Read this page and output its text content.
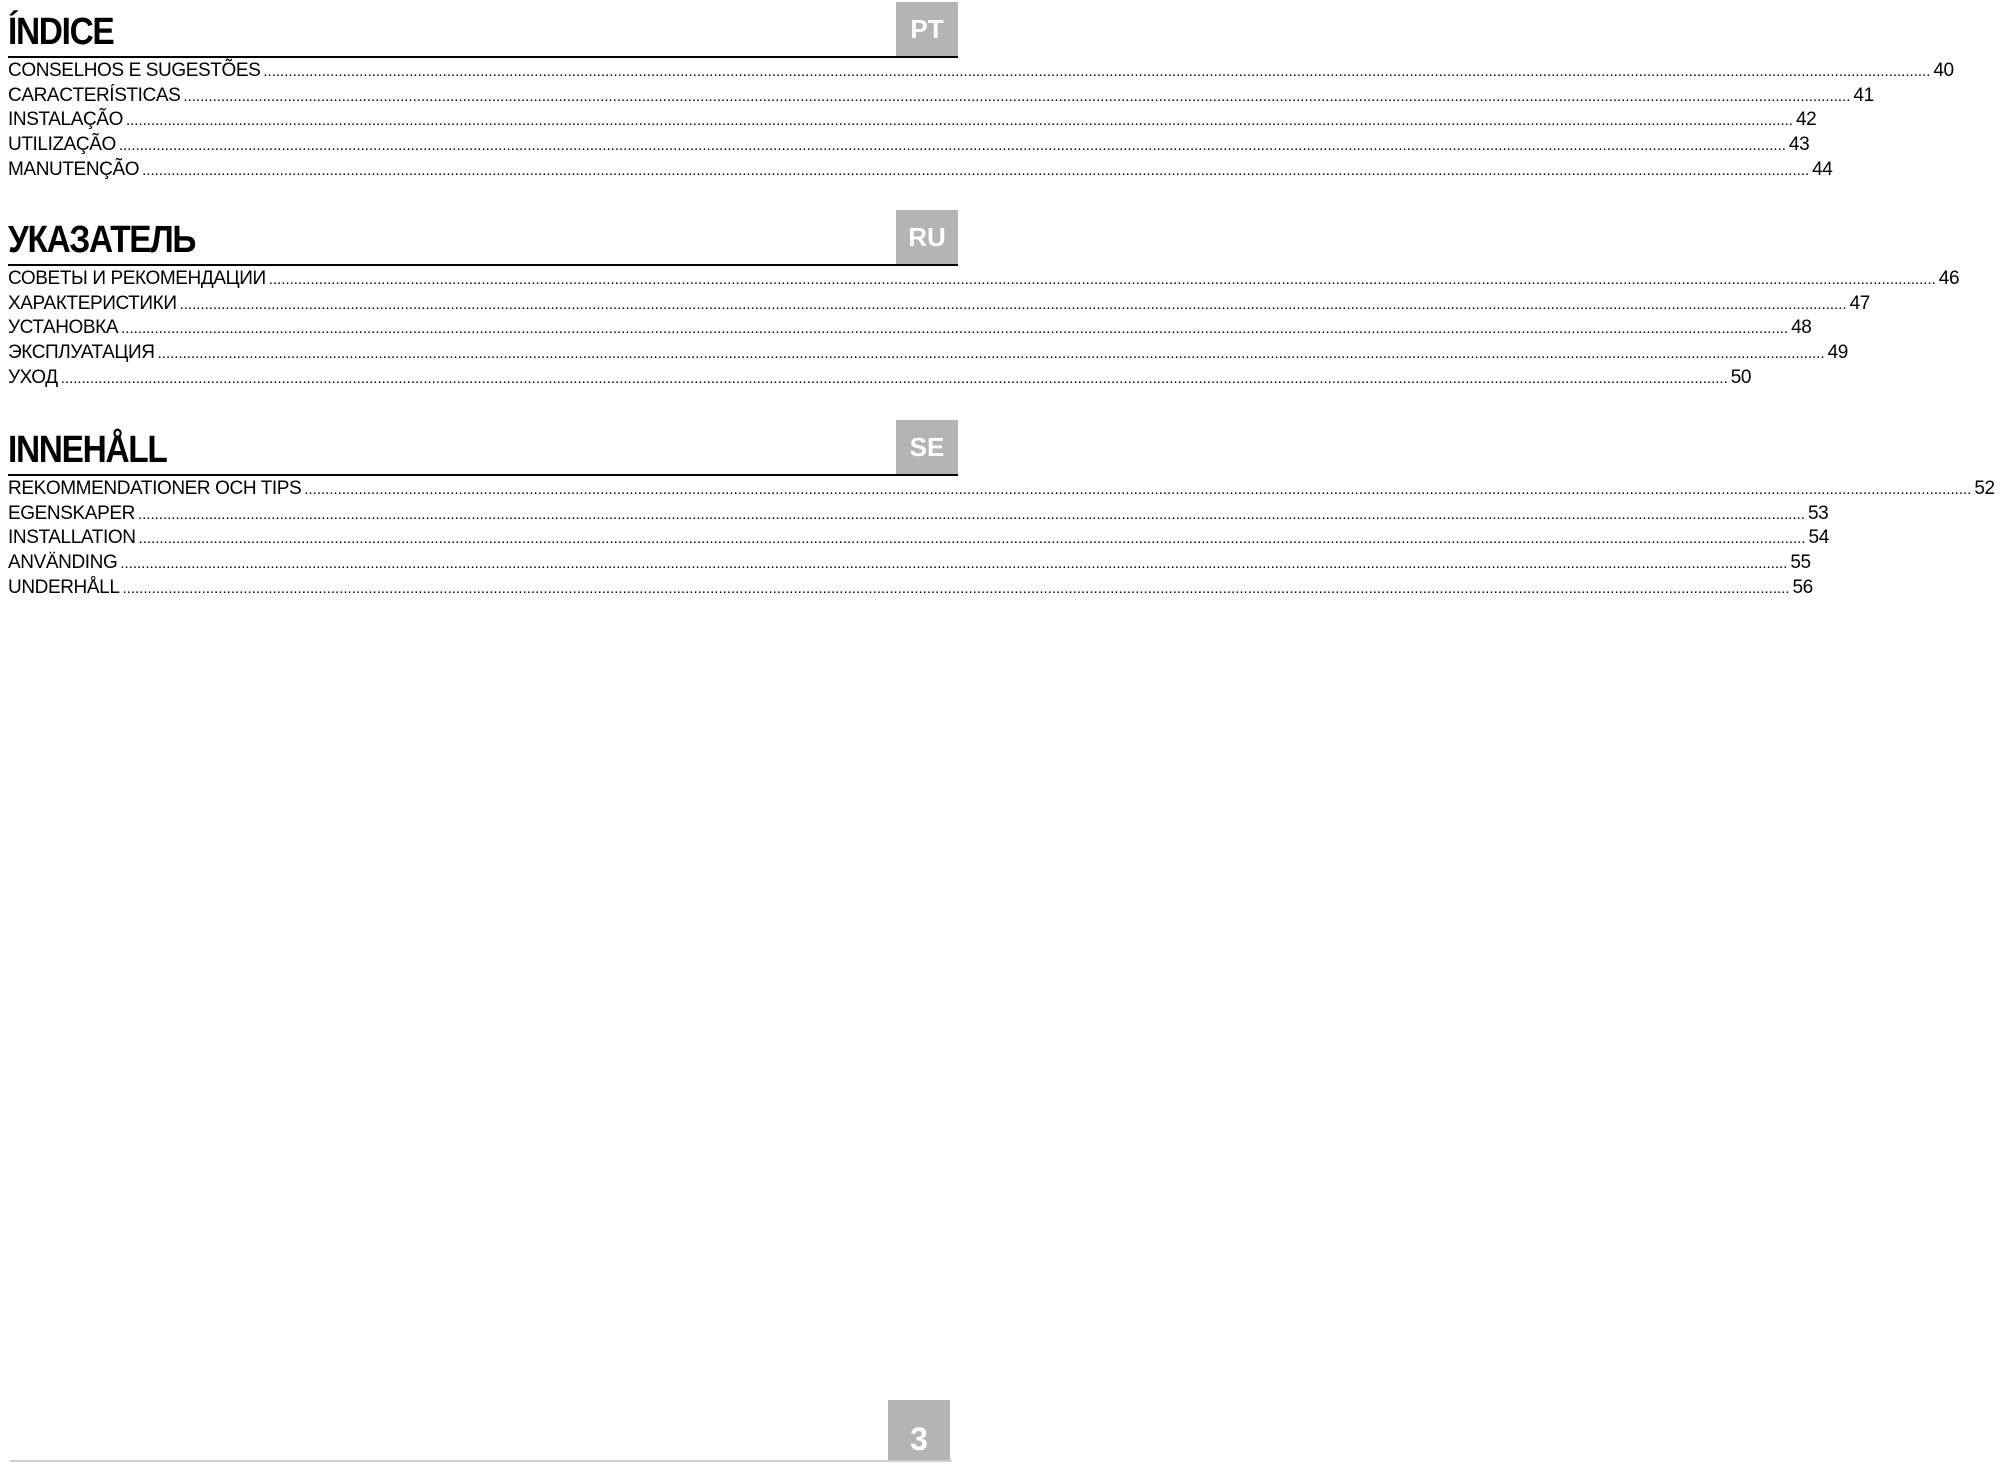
ÍNDICE	PT
CONSELHOS E SUGESTÕES ................................................................................................................................................................................................................................................................................................................................................................................................................ 40
CARACTERÍSTICAS ................................................................................................................................................................................................................................................................................................................................................................................................................ 41
INSTALAÇÃO ................................................................................................................................................................................................................................................................................................................................................................................................................ 42
UTILIZAÇÃO ................................................................................................................................................................................................................................................................................................................................................................................................................ 43
MANUTENÇÃO ................................................................................................................................................................................................................................................................................................................................................................................................................ 44
УКАЗАТЕЛЬ	RU
СОВЕТЫ И РЕКОМЕНДАЦИИ ................................................................................................................................................................................................................................................................................................................................................................................................................ 46
ХАРАКТЕРИСТИКИ ................................................................................................................................................................................................................................................................................................................................................................................................................ 47
УСТАНОВКА ................................................................................................................................................................................................................................................................................................................................................................................................................ 48
ЭКСПЛУАТАЦИЯ ................................................................................................................................................................................................................................................................................................................................................................................................................ 49
УХОД ................................................................................................................................................................................................................................................................................................................................................................................................................ 50
INNEHÅLL	SE
REKOMMENDATIONER OCH TIPS ................................................................................................................................................................................................................................................................................................................................................................................................................ 52
EGENSKAPER ................................................................................................................................................................................................................................................................................................................................................................................................................ 53
INSTALLATION ................................................................................................................................................................................................................................................................................................................................................................................................................ 54
ANVÄNDING ................................................................................................................................................................................................................................................................................................................................................................................................................ 55
UNDERHÅLL ................................................................................................................................................................................................................................................................................................................................................................................................................ 56
3
